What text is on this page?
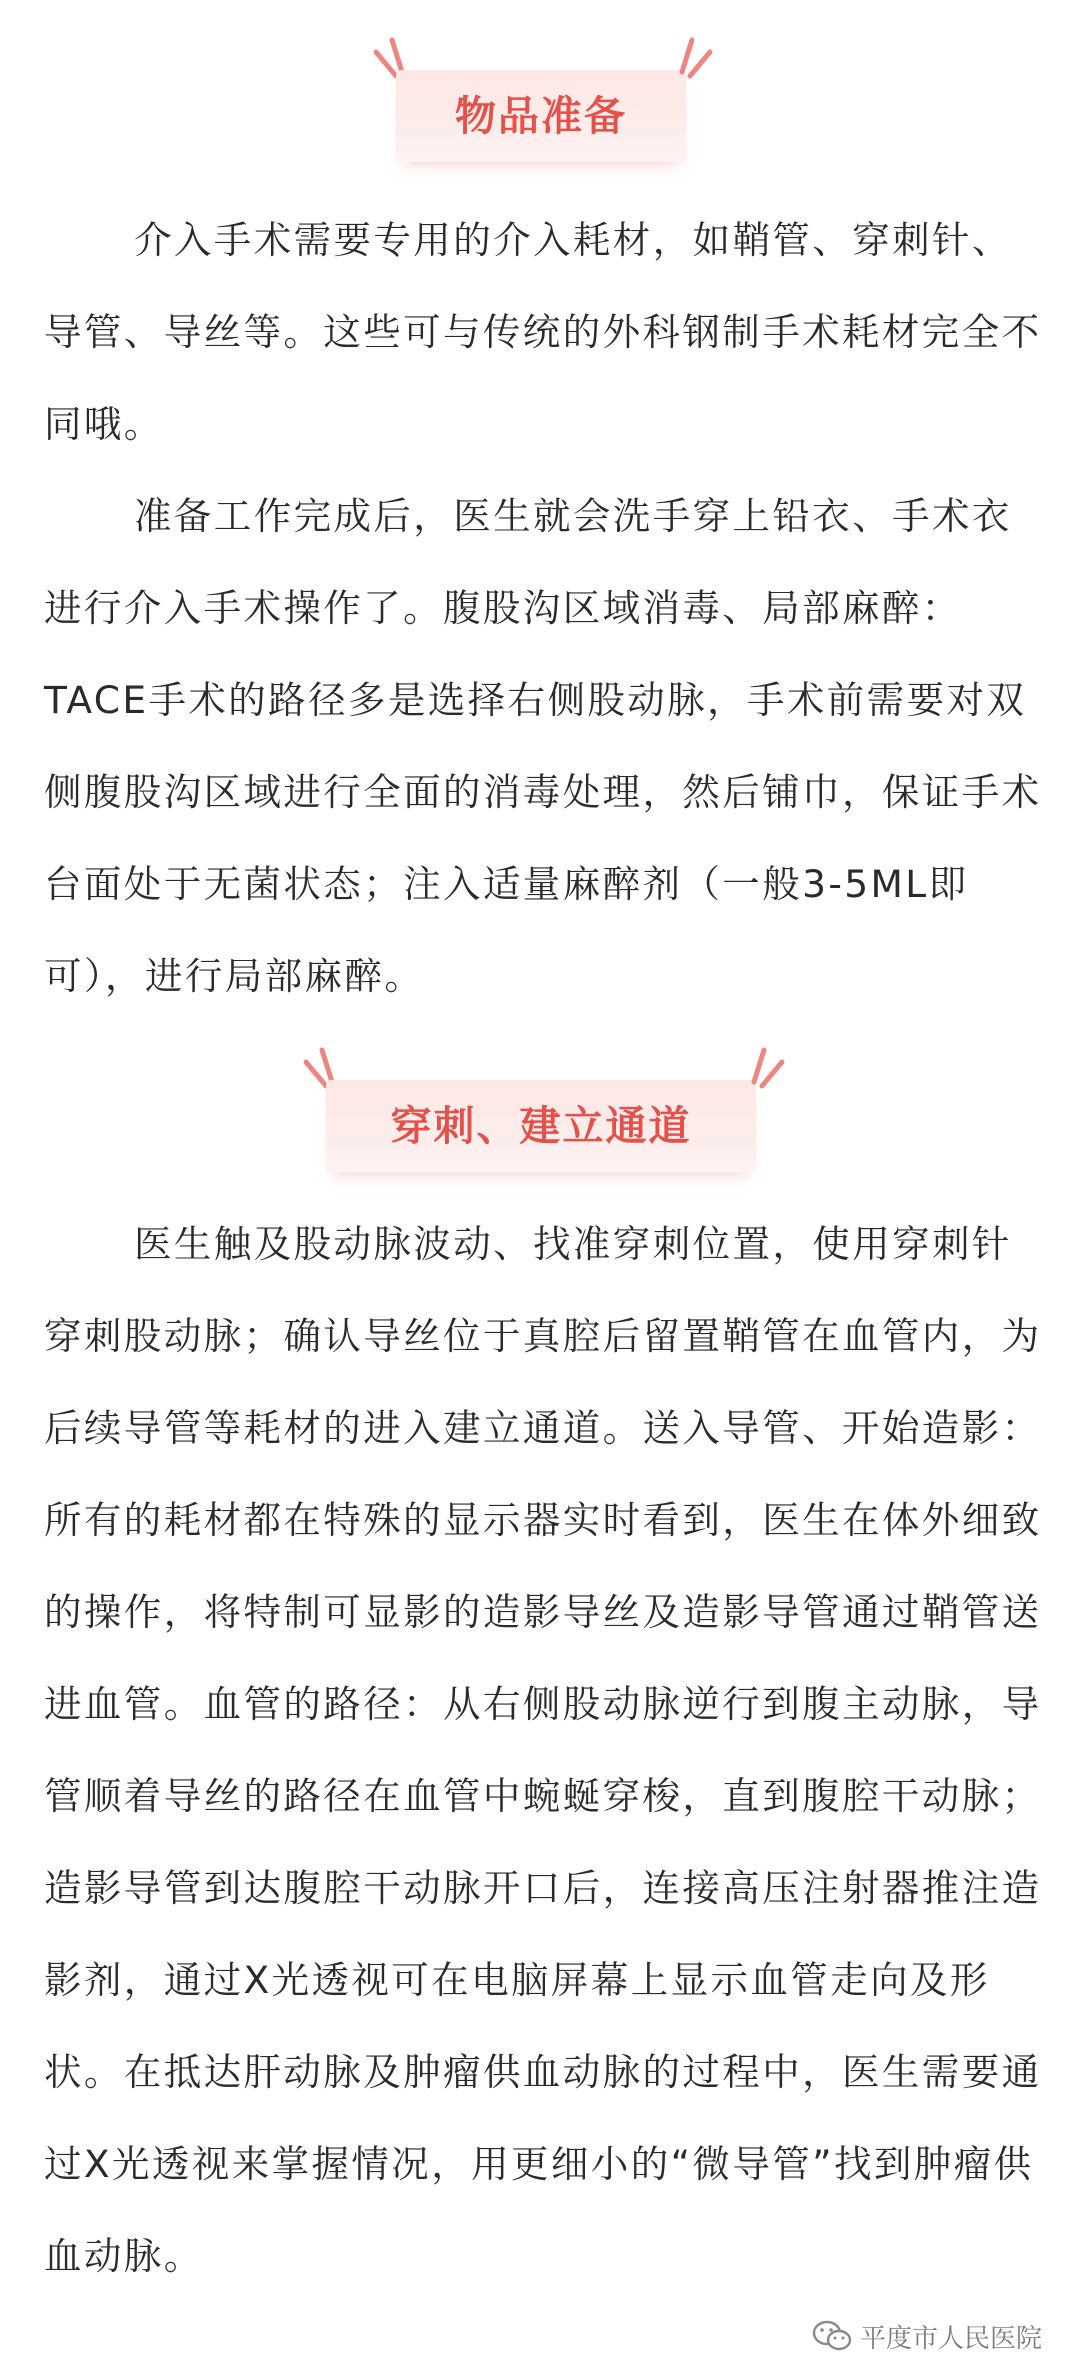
物品准备

介入手术需要专用的介入耗材，如鞘管、穿刺针、导管、导丝等。这些可与传统的外科钢制手术耗材完全不同哦。

准备工作完成后，医生就会洗手穿上铅衣、手术衣进行介入手术操作了。腹股沟区域消毒、局部麻醉：TACE手术的路径多是选择右侧股动脉，手术前需要对双侧腹股沟区域进行全面的消毒处理，然后铺巾，保证手术台面处于无菌状态；注入适量麻醉剂（一般3-5ML即可），进行局部麻醉。

穿刺、建立通道

医生触及股动脉波动、找准穿刺位置，使用穿刺针穿刺股动脉；确认导丝位于真腔后留置鞘管在血管内，为后续导管等耗材的进入建立通道。送入导管、开始造影：所有的耗材都在特殊的显示器实时看到，医生在体外细致的操作，将特制可显影的造影导丝及造影导管通过鞘管送进血管。血管的路径：从右侧股动脉逆行到腹主动脉，导管顺着导丝的路径在血管中蜿蜒穿梭，直到腹腔干动脉；造影导管到达腹腔干动脉开口后，连接高压注射器推注造影剂，通过X光透视可在电脑屏幕上显示血管走向及形状。在抵达肝动脉及肿瘤供血动脉的过程中，医生需要通过X光透视来掌握情况，用更细小的“微导管”找到肿瘤供血动脉。

平度市人民医院
